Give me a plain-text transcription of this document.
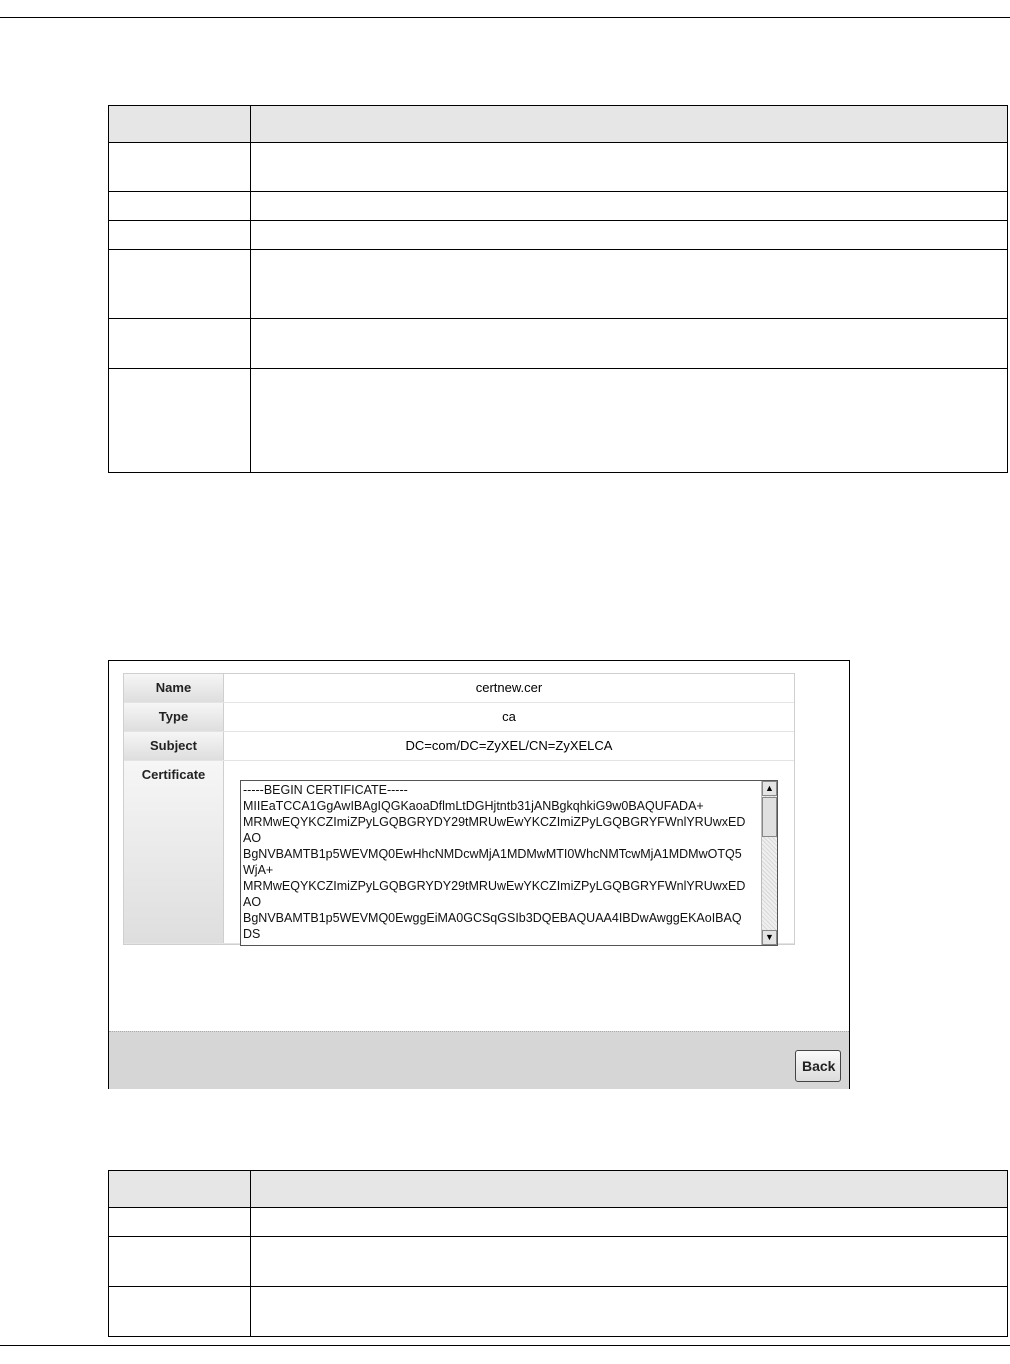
Name	certnew.cer
Type	ca
Subject	DC=com/DC=ZyXEL/CN=ZyXELCA
Certificate
-----BEGIN CERTIFICATE-----
MIIEaTCCA1GgAwIBAgIQGKaoaDflmLtDGHjtntb31jANBgkqhkiG9w0BAQUFADA+
MRMwEQYKCZImiZPyLGQBGRYDY29tMRUwEwYKCZImiZPyLGQBGRYFWnlYRUwxED
AO
BgNVBAMTB1p5WEVMQ0EwHhcNMDcwMjA1MDMwMTI0WhcNMTcwMjA1MDMwOTQ5
WjA+
MRMwEQYKCZImiZPyLGQBGRYDY29tMRUwEwYKCZImiZPyLGQBGRYFWnlYRUwxED
AO
BgNVBAMTB1p5WEVMQ0EwggEiMA0GCSqGSIb3DQEBAQUAA4IBDwAwggEKAoIBAQ
DS
▲
▼
Back
